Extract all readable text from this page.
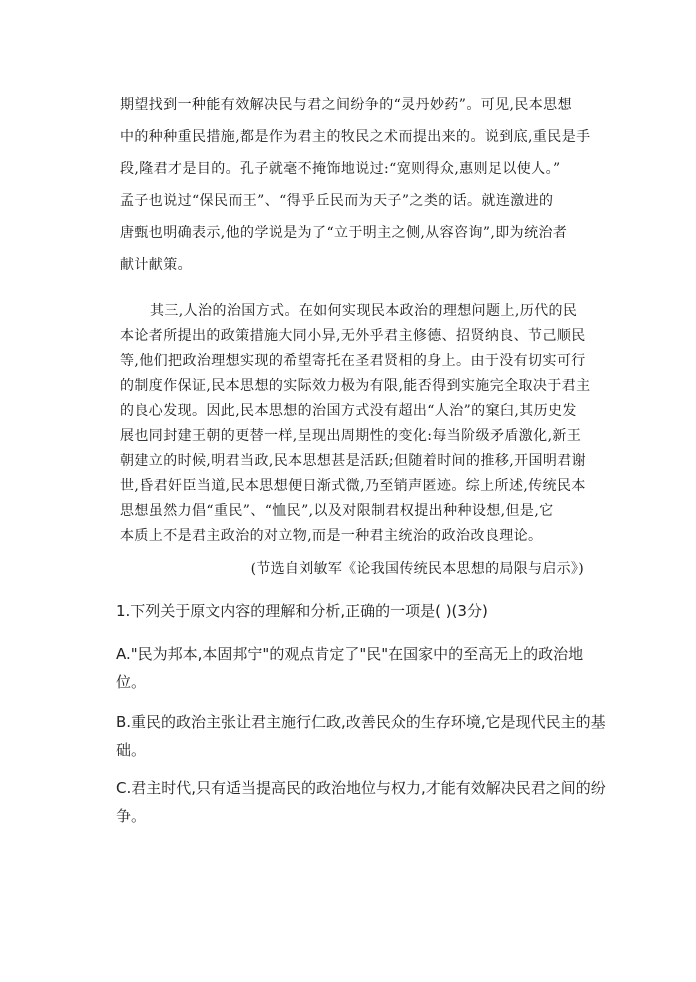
期望找到一种能有效解决民与君之间纷争的“灵丹妙药”。可见,民本思想
中的种种重民措施,都是作为君主的牧民之术而提出来的。说到底,重民是手
段,隆君才是目的。孔子就毫不掩饰地说过:“宽则得众,惠则足以使人。”
孟子也说过“保民而王”、“得乎丘民而为天子”之类的话。就连激进的
唐甄也明确表示,他的学说是为了“立于明主之侧,从容咨询”,即为统治者
献计献策。
其三,人治的治国方式。在如何实现民本政治的理想问题上,历代的民
本论者所提出的政策措施大同小异,无外乎君主修德、招贤纳良、节己顺民
等,他们把政治理想实现的希望寄托在圣君贤相的身上。由于没有切实可行
的制度作保证,民本思想的实际效力极为有限,能否得到实施完全取决于君主
的良心发现。因此,民本思想的治国方式没有超出“人治”的窠臼,其历史发
展也同封建王朝的更替一样,呈现出周期性的变化:每当阶级矛盾激化,新王
朝建立的时候,明君当政,民本思想甚是活跃;但随着时间的推移,开国明君谢
世,昏君奸臣当道,民本思想便日渐式微,乃至销声匿迹。综上所述,传统民本
思想虽然力倡“重民”、“恤民”,以及对限制君权提出种种设想,但是,它
本质上不是君主政治的对立物,而是一种君主统治的政治改良理论。
(节选自刘敏军《论我国传统民本思想的局限与启示》)
1.下列关于原文内容的理解和分析,正确的一项是( )(3分)
A."民为邦本,本固邦宁"的观点肯定了"民"在国家中的至高无上的政治地
位。
B.重民的政治主张让君主施行仁政,改善民众的生存环境,它是现代民主的基
础。
C.君主时代,只有适当提高民的政治地位与权力,才能有效解决民君之间的纷
争。
